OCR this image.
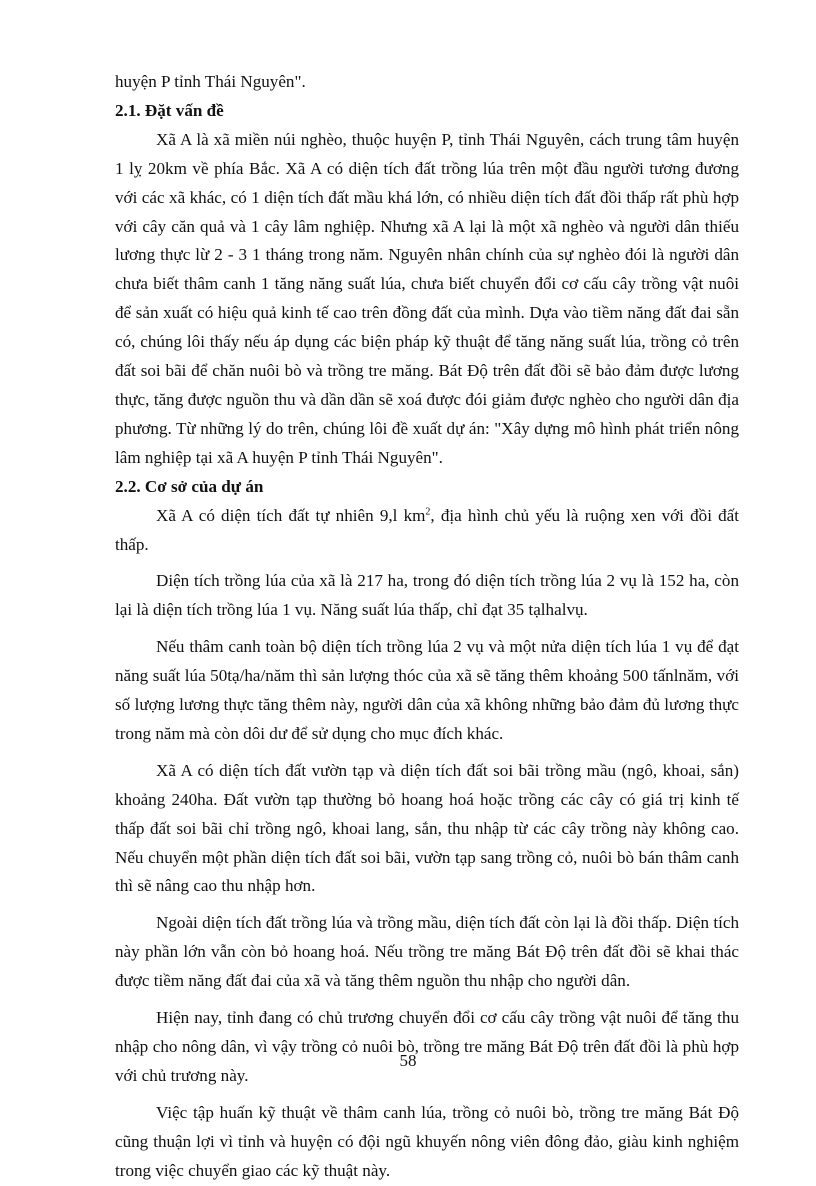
huyện P tỉnh Thái Nguyên".

2.1. Đặt vấn đề

Xã A là xã miền núi nghèo, thuộc huyện P, tỉnh Thái Nguyên, cách trung tâm huyện 1 lỵ 20km về phía Bắc. Xã A có diện tích đất trồng lúa trên một đầu người tương đương với các xã khác, có 1 diện tích đất mầu khá lớn, có nhiều diện tích đất đồi thấp rất phù hợp với cây căn quả và 1 cây lâm nghiệp. Nhưng xã A lại là một xã nghèo và người dân thiếu lương thực lừ 2 - 3 1 tháng trong năm. Nguyên nhân chính của sự nghèo đói là người dân chưa biết thâm canh 1 tăng năng suất lúa, chưa biết chuyển đổi cơ cấu cây trồng vật nuôi để sản xuất có hiệu quả kinh tế cao trên đồng đất của mình. Dựa vào tiềm năng đất đai sẵn có, chúng lôi thấy nếu áp dụng các biện pháp kỹ thuật để tăng năng suất lúa, trồng cỏ trên đất soi bãi để chăn nuôi bò và trồng tre măng. Bát Độ trên đất đồi sẽ bảo đảm được lương thực, tăng được nguồn thu và dần dần sẽ xoá được đói giảm được nghèo cho người dân địa phương. Từ những lý do trên, chúng lôi đề xuất dự án: "Xây dựng mô hình phát triển nông lâm nghiệp tại xã A huyện P tỉnh Thái Nguyên".

2.2. Cơ sở của dự án

Xã A có diện tích đất tự nhiên 9,l $km^2$, địa hình chủ yếu là ruộng xen với đồi đất thấp.

Diện tích trồng lúa của xã là 217 ha, trong đó diện tích trồng lúa 2 vụ là 152 ha, còn lại là diện tích trồng lúa 1 vụ. Năng suất lúa thấp, chỉ đạt 35 tạlhalvụ.

Nếu thâm canh toàn bộ diện tích trồng lúa 2 vụ và một nửa diện tích lúa 1 vụ để đạt năng suất lúa 50tạ/ha/năm thì sản lượng thóc của xã sẽ tăng thêm khoảng 500 tấnlnăm, với số lượng lương thực tăng thêm này, người dân của xã không những bảo đảm đủ lương thực trong năm mà còn dôi dư để sử dụng cho mục đích khác.

Xã A có diện tích đất vườn tạp và diện tích đất soi bãi trồng mầu (ngô, khoai, sắn) khoảng 240ha. Đất vườn tạp thường bỏ hoang hoá hoặc trồng các cây có giá trị kinh tế thấp đất soi bãi chỉ trồng ngô, khoai lang, sắn, thu nhập từ các cây trồng này không cao. Nếu chuyển một phần diện tích đất soi bãi, vườn tạp sang trồng cỏ, nuôi bò bán thâm canh thì sẽ nâng cao thu nhập hơn.

Ngoài diện tích đất trồng lúa và trồng mầu, diện tích đất còn lại là đồi thấp. Diện tích này phần lớn vẫn còn bỏ hoang hoá. Nếu trồng tre măng Bát Độ trên đất đồi sẽ khai thác được tiềm năng đất đai của xã và tăng thêm nguồn thu nhập cho người dân.

Hiện nay, tỉnh đang có chủ trương chuyển đổi cơ cấu cây trồng vật nuôi để tăng thu nhập cho nông dân, vì vậy trồng cỏ nuôi bò, trồng tre măng Bát Độ trên đất đồi là phù hợp với chủ trương này.

Việc tập huấn kỹ thuật về thâm canh lúa, trồng cỏ nuôi bò, trồng tre măng Bát Độ cũng thuận lợi vì tỉnh và huyện có đội ngũ khuyến nông viên đông đảo, giàu kinh nghiệm trong việc chuyển giao các kỹ thuật này.

58
